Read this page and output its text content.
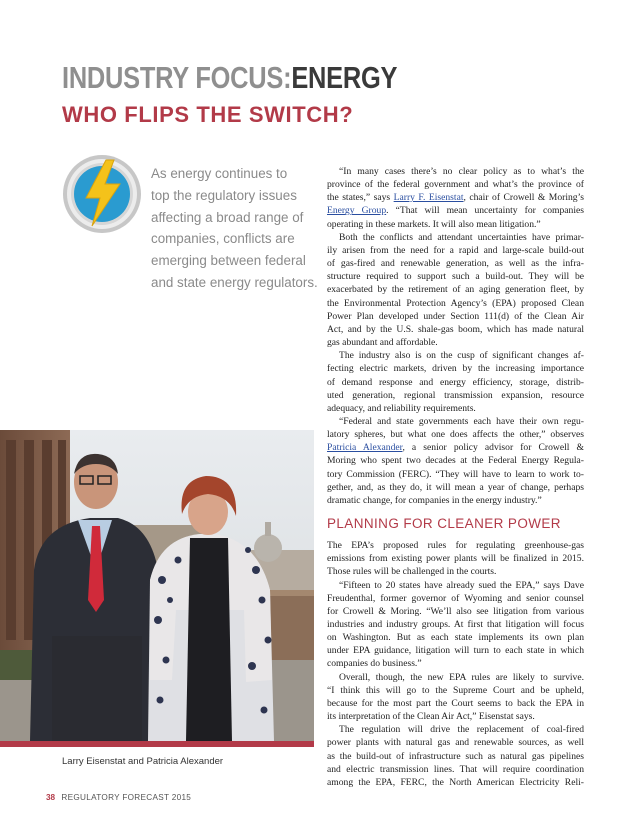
INDUSTRY FOCUS:ENERGY
WHO FLIPS THE SWITCH?
As energy continues to
top the regulatory issues
affecting a broad range of
companies, conflicts are
emerging between federal
and state energy regulators.
“In many cases there’s no clear policy as to what’s the
province of the federal government and what’s the province of
the states,” says Larry F. Eisenstat, chair of Crowell & Moring’s
Energy Group. “That will mean uncertainty for companies
operating in these markets. It will also mean litigation.”
Both the conflicts and attendant uncertainties have primar-
ily arisen from the need for a rapid and large-scale build-out
of gas-fired and renewable generation, as well as the infra-
structure required to support such a build-out. They will be
exacerbated by the retirement of an aging generation fleet, by
the Environmental Protection Agency’s (EPA) proposed Clean
Power Plan developed under Section 111(d) of the Clean Air
Act, and by the U.S. shale-gas boom, which has made natural
gas abundant and affordable.
The industry also is on the cusp of significant changes af-
fecting electric markets, driven by the increasing importance
of demand response and energy efficiency, storage, distrib-
uted generation, regional transmission expansion, resource
adequacy, and reliability requirements.
“Federal and state governments each have their own regu-
latory spheres, but what one does affects the other,” observes
Patricia Alexander, a senior policy advisor for Crowell &
Moring who spent two decades at the Federal Energy Regula-
tory Commission (FERC). “They will have to learn to work to-
gether, and, as they do, it will mean a year of change, perhaps
dramatic change, for companies in the energy industry.”
PLANNING FOR CLEANER POWER
The EPA’s proposed rules for regulating greenhouse-gas
emissions from existing power plants will be finalized in 2015.
Those rules will be challenged in the courts.
“Fifteen to 20 states have already sued the EPA,” says Dave
Freudenthal, former governor of Wyoming and senior counsel
for Crowell & Moring. “We’ll also see litigation from various
industries and industry groups. At first that litigation will focus
on Washington. But as each state implements its own plan
under EPA guidance, litigation will turn to each state in which
companies do business.”
Overall, though, the new EPA rules are likely to survive.
“I think this will go to the Supreme Court and be upheld,
because for the most part the Court seems to back the EPA in
its interpretation of the Clean Air Act,” Eisenstat says.
The regulation will drive the replacement of coal-fired
power plants with natural gas and renewable sources, as well
as the build-out of infrastructure such as natural gas pipelines
and electric transmission lines. That will require coordination
among the EPA, FERC, the North American Electricity Reli-
Larry Eisenstat and Patricia Alexander
38 REGULATORY FORECAST 2015
